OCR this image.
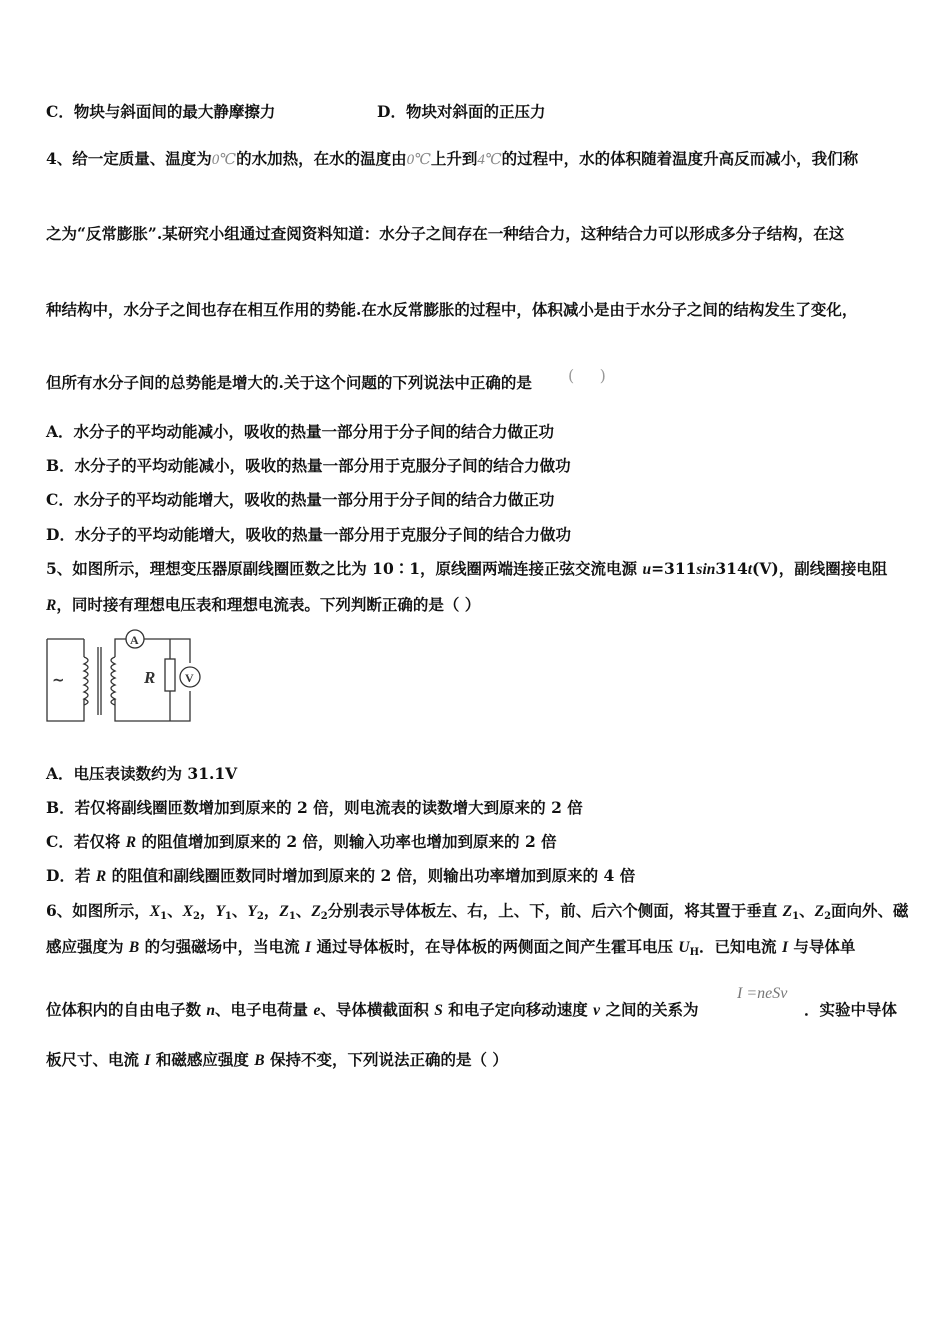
C．物块与斜面间的最大静摩擦力	D．物块对斜面的正压力
4、给一定质量、温度为0℃的水加热，在水的温度由0℃上升到4℃的过程中，水的体积随着温度升高反而减小，我们称
之为“反常膨胀”.某研究小组通过查阅资料知道：水分子之间存在一种结合力，这种结合力可以形成多分子结构，在这
种结构中，水分子之间也存在相互作用的势能.在水反常膨胀的过程中，体积减小是由于水分子之间的结构发生了变化，
但所有水分子间的总势能是增大的.关于这个问题的下列说法中正确的是 (     )
A．水分子的平均动能减小，吸收的热量一部分用于分子间的结合力做正功
B．水分子的平均动能减小，吸收的热量一部分用于克服分子间的结合力做功
C．水分子的平均动能增大，吸收的热量一部分用于分子间的结合力做正功
D．水分子的平均动能增大，吸收的热量一部分用于克服分子间的结合力做功
5、如图所示，理想变压器原副线圈匝数之比为 10∶1，原线圈两端连接正弦交流电源 u=311sin314t(V)，副线圈接电阻
R，同时接有理想电压表和理想电流表。下列判断正确的是（ ）
~
A
V
R
A．电压表读数约为 31.1V
B．若仅将副线圈匝数增加到原来的 2 倍，则电流表的读数增大到原来的 2 倍
C．若仅将 R 的阻值增加到原来的 2 倍，则输入功率也增加到原来的 2 倍
D．若 R 的阻值和副线圈匝数同时增加到原来的 2 倍，则输出功率增加到原来的 4 倍
6、如图所示，$X_1$、$X_2$，$Y_1$、$Y_2$，$Z_1$、$Z_2$分别表示导体板左、右，上、下，前、后六个侧面，将其置于垂直 $Z_1$、$Z_2$面向外、磁
感应强度为 B 的匀强磁场中，当电流 I 通过导体板时，在导体板的两侧面之间产生霍耳电压 $U_H$．已知电流 I 与导体单
位体积内的自由电子数 n、电子电荷量 e、导体横截面积 S 和电子定向移动速度 v 之间的关系为
I =neSv
．实验中导体
板尺寸、电流 I 和磁感应强度 B 保持不变，下列说法正确的是（ ）
